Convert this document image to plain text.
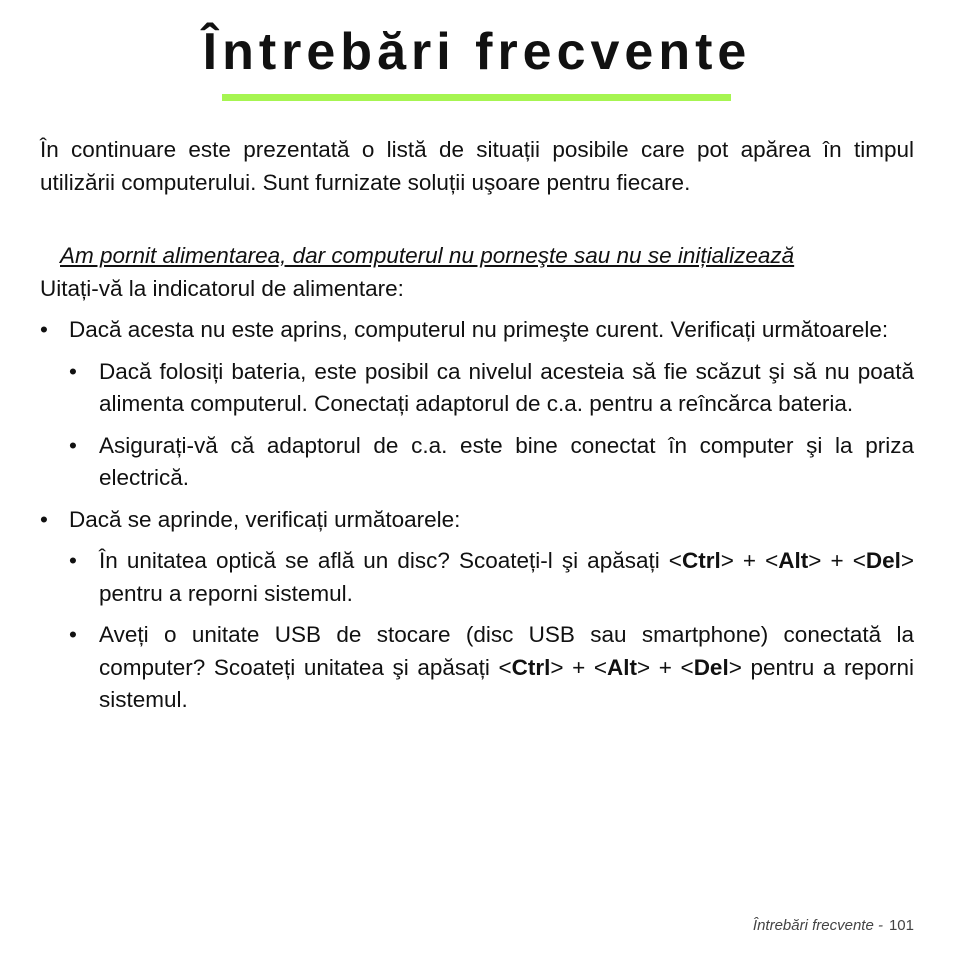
Întrebări frecvente

În continuare este prezentată o listă de situații posibile care pot apărea în timpul utilizării computerului. Sunt furnizate soluții uşoare pentru fiecare.

Am pornit alimentarea, dar computerul nu porneşte sau nu se inițializează

Uitați-vă la indicatorul de alimentare:

• Dacă acesta nu este aprins, computerul nu primeşte curent. Verificați următoarele:
• Dacă folosiți bateria, este posibil ca nivelul acesteia să fie scăzut şi să nu poată alimenta computerul. Conectați adaptorul de c.a. pentru a reîncărca bateria.
• Asigurați-vă că adaptorul de c.a. este bine conectat în computer şi la priza electrică.
• Dacă se aprinde, verificați următoarele:
• În unitatea optică se află un disc? Scoateți-l şi apăsați <Ctrl> + <Alt> + <Del> pentru a reporni sistemul.
• Aveți o unitate USB de stocare (disc USB sau smartphone) conectată la computer? Scoateți unitatea şi apăsați <Ctrl> + <Alt> + <Del> pentru a reporni sistemul.
Întrebări frecvente - 101
